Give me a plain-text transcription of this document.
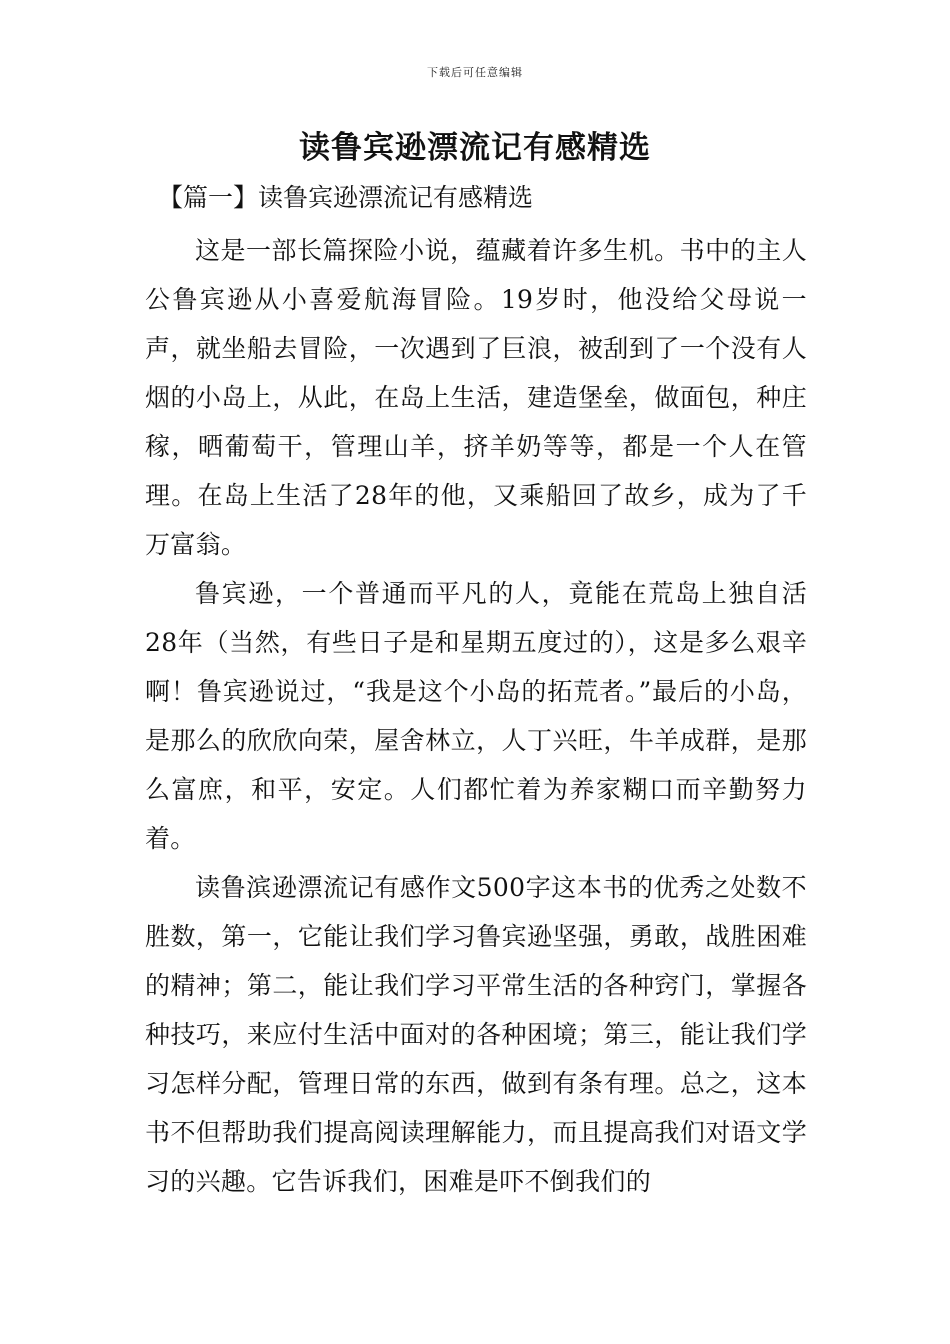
下载后可任意编辑
读鲁宾逊漂流记有感精选
【篇一】读鲁宾逊漂流记有感精选

这是一部长篇探险小说，蕴藏着许多生机。书中的主人公鲁宾逊从小喜爱航海冒险。19岁时，他没给父母说一声，就坐船去冒险，一次遇到了巨浪，被刮到了一个没有人烟的小岛上，从此，在岛上生活，建造堡垒，做面包，种庄稼，晒葡萄干，管理山羊，挤羊奶等等，都是一个人在管理。在岛上生活了28年的他，又乘船回了故乡，成为了千万富翁。

鲁宾逊，一个普通而平凡的人，竟能在荒岛上独自活28年（当然，有些日子是和星期五度过的），这是多么艰辛啊！鲁宾逊说过，“我是这个小岛的拓荒者。”最后的小岛，是那么的欣欣向荣，屋舍林立，人丁兴旺，牛羊成群，是那么富庶，和平，安定。人们都忙着为养家糊口而辛勤努力着。

读鲁滨逊漂流记有感作文500字这本书的优秀之处数不胜数，第一，它能让我们学习鲁宾逊坚强，勇敢，战胜困难的精神；第二，能让我们学习平常生活的各种窍门，掌握各种技巧，来应付生活中面对的各种困境；第三，能让我们学习怎样分配，管理日常的东西，做到有条有理。总之，这本书不但帮助我们提高阅读理解能力，而且提高我们对语文学习的兴趣。它告诉我们，困难是吓不倒我们的
